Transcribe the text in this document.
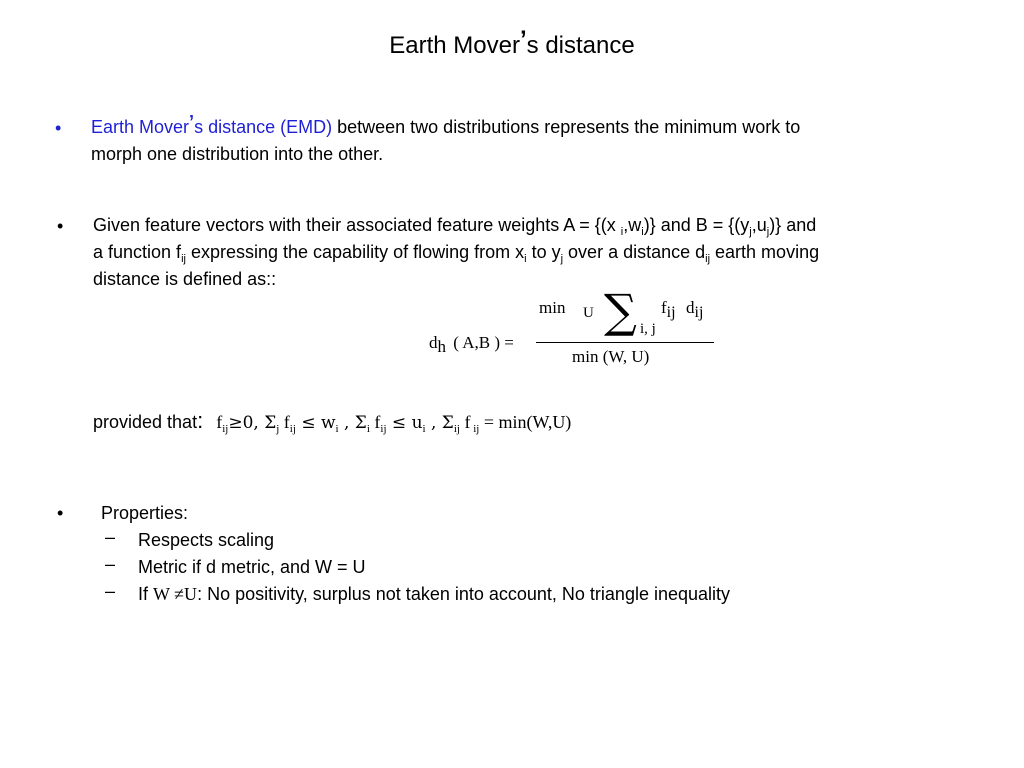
Earth Mover’s distance
• Earth Mover’s distance (EMD) between two distributions represents the minimum work to
morph one distribution into the other.
• Given feature vectors with their associated feature weights A = {(x $_i,w_i$)} and $B = \{(y_j,u_j)\}$ and
a function $f_{ij}$ expressing the capability of flowing from $x_i$ to $y_j$ over a distance $d_{ij}$ earth moving
distance is defined as::
dh ( A,B ) =
min U ∑ i, j
fij dij
min (W, U)
provided that: $f_{ij}\ge 0$, $\Sigma_j$ $f_{ij} \le w_i$ , $\Sigma_i$ $f_{ij} \le u_i$ , $\Sigma_{ij}$ f $_{ij}$ = min(W,U)
• Properties:
– Respects scaling
– Metric if d metric, and W = U
– If W ≠U: No positivity, surplus not taken into account, No triangle inequality
